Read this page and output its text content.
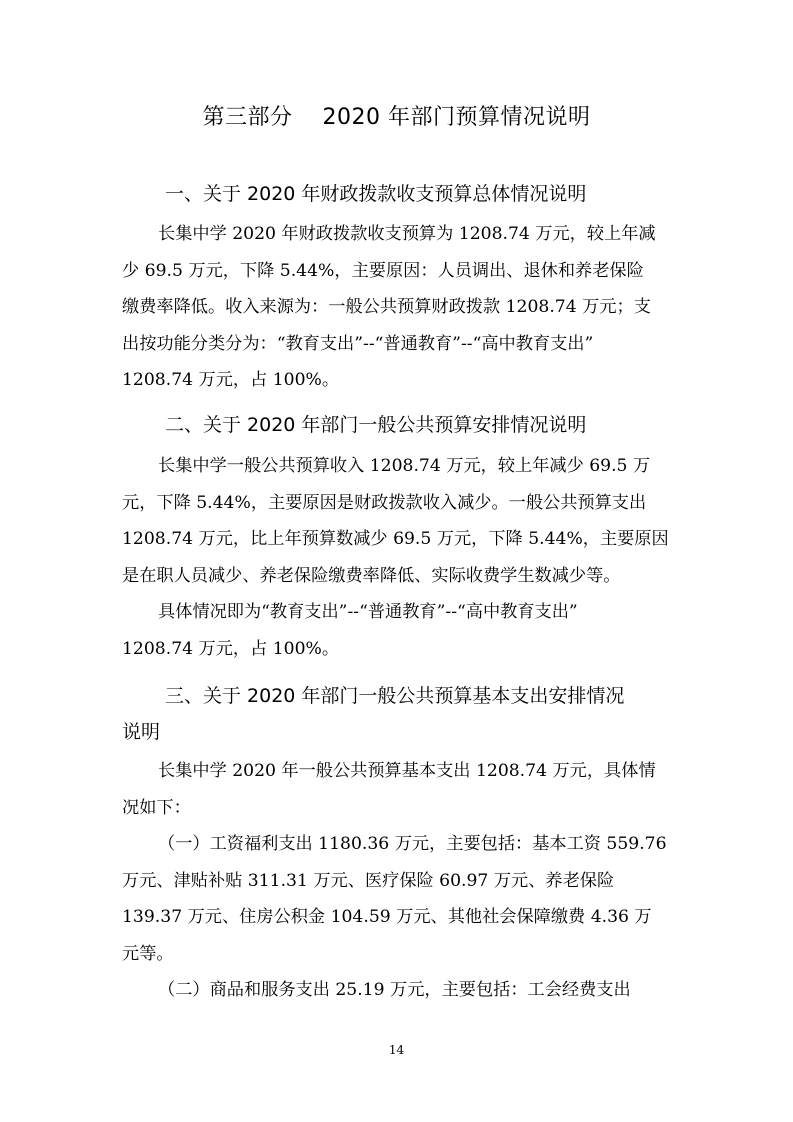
第三部分　 2020 年部门预算情况说明
一、关于 2020 年财政拨款收支预算总体情况说明
长集中学 2020 年财政拨款收支预算为 1208.74 万元，较上年减
少 69.5 万元，下降 5.44%，主要原因：人员调出、退休和养老保险
缴费率降低。收入来源为：一般公共预算财政拨款 1208.74 万元；支
出按功能分类分为：“教育支出”--“普通教育”--“高中教育支出”
1208.74 万元，占 100%。
二、关于 2020 年部门一般公共预算安排情况说明
长集中学一般公共预算收入 1208.74 万元，较上年减少 69.5 万
元，下降 5.44%，主要原因是财政拨款收入减少。一般公共预算支出
1208.74 万元，比上年预算数减少 69.5 万元，下降 5.44%，主要原因
是在职人员减少、养老保险缴费率降低、实际收费学生数减少等。
具体情况即为“教育支出”--“普通教育”--“高中教育支出”
1208.74 万元，占 100%。
三、关于 2020 年部门一般公共预算基本支出安排情况
说明
长集中学 2020 年一般公共预算基本支出 1208.74 万元，具体情
况如下：
（一）工资福利支出 1180.36 万元，主要包括：基本工资 559.76
万元、津贴补贴 311.31 万元、医疗保险 60.97 万元、养老保险
139.37 万元、住房公积金 104.59 万元、其他社会保障缴费 4.36 万
元等。
（二）商品和服务支出 25.19 万元，主要包括：工会经费支出
14
